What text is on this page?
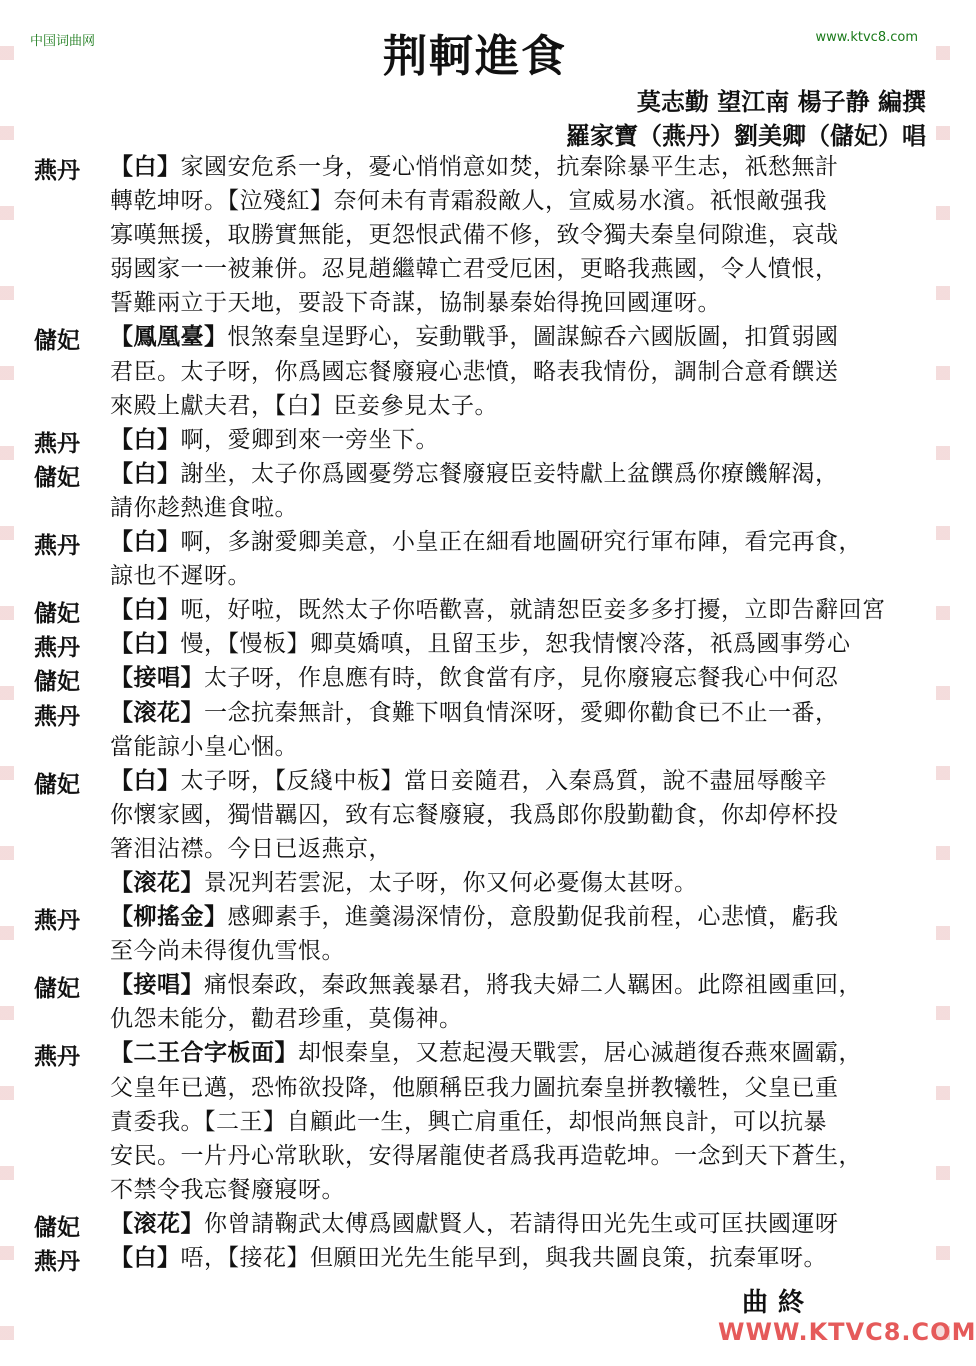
中国词曲网	www.ktvc8.com
荆軻進食
莫志勤 望江南 楊子静 編撰
羅家寶（燕丹）劉美卿（儲妃）唱
燕丹 【白】家國安危系一身，憂心悄悄意如焚，抗秦除暴平生志，祇愁無計
轉乾坤呀。【泣殘紅】奈何未有青霜殺敵人，宣威易水濱。祇恨敵强我
寡嘆無援，取勝實無能，更怨恨武備不修，致令獨夫秦皇伺隙進，哀哉
弱國家一一被兼併。忍見趙繼韓亡君受厄困，更略我燕國，令人憤恨，
誓難兩立于天地，要設下奇謀，協制暴秦始得挽回國運呀。
儲妃 【鳳凰臺】恨煞秦皇逞野心，妄動戰爭，圖謀鯨呑六國版圖，扣質弱國
君臣。太子呀，你爲國忘餐廢寢心悲憤，略表我情份，調制合意肴饌送
來殿上獻夫君，【白】臣妾參見太子。
燕丹 【白】啊，愛卿到來一旁坐下。
儲妃 【白】謝坐，太子你爲國憂勞忘餐廢寢臣妾特獻上盆饌爲你療饑解渴，
請你趁熱進食啦。
燕丹 【白】啊，多謝愛卿美意，小皇正在細看地圖研究行軍布陣，看完再食，
諒也不遲呀。
儲妃 【白】呃，好啦，既然太子你唔歡喜，就請恕臣妾多多打擾，立即告辭回宮
燕丹 【白】慢，【慢板】卿莫嬌嗔，且留玉步，恕我情懷冷落，祇爲國事勞心
儲妃 【接唱】太子呀，作息應有時，飲食當有序，見你廢寢忘餐我心中何忍
燕丹 【滚花】一念抗秦無計，食難下咽負情深呀，愛卿你勸食已不止一番，
當能諒小皇心悃。
儲妃 【白】太子呀，【反綫中板】當日妾隨君，入秦爲質，說不盡屈辱酸辛
你懷家國，獨惜羈囚，致有忘餐廢寢，我爲郎你殷勤勸食，你却停杯投
箸泪沾襟。今日已返燕京，
【滚花】景况判若雲泥，太子呀，你又何必憂傷太甚呀。
燕丹 【柳搖金】感卿素手，進羹湯深情份，意殷勤促我前程，心悲憤，虧我
至今尚未得復仇雪恨。
儲妃 【接唱】痛恨秦政，秦政無義暴君，將我夫婦二人羈困。此際祖國重回，
仇怨未能分，勸君珍重，莫傷神。
燕丹 【二王合字板面】却恨秦皇，又惹起漫天戰雲，居心滅趙復呑燕來圖霸，
父皇年已邁，恐怖欲投降，他願稱臣我力圖抗秦皇拼教犧牲，父皇已重
責委我。【二王】自顧此一生，興亡肩重任，却恨尚無良計，可以抗暴
安民。一片丹心常耿耿，安得屠龍使者爲我再造乾坤。一念到天下蒼生，
不禁令我忘餐廢寢呀。
儲妃 【滚花】你曾請鞠武太傅爲國獻賢人，若請得田光先生或可匡扶國運呀
燕丹 【白】唔，【接花】但願田光先生能早到，與我共圖良策，抗秦軍呀。
曲終
WWW.KTVC8.COM
